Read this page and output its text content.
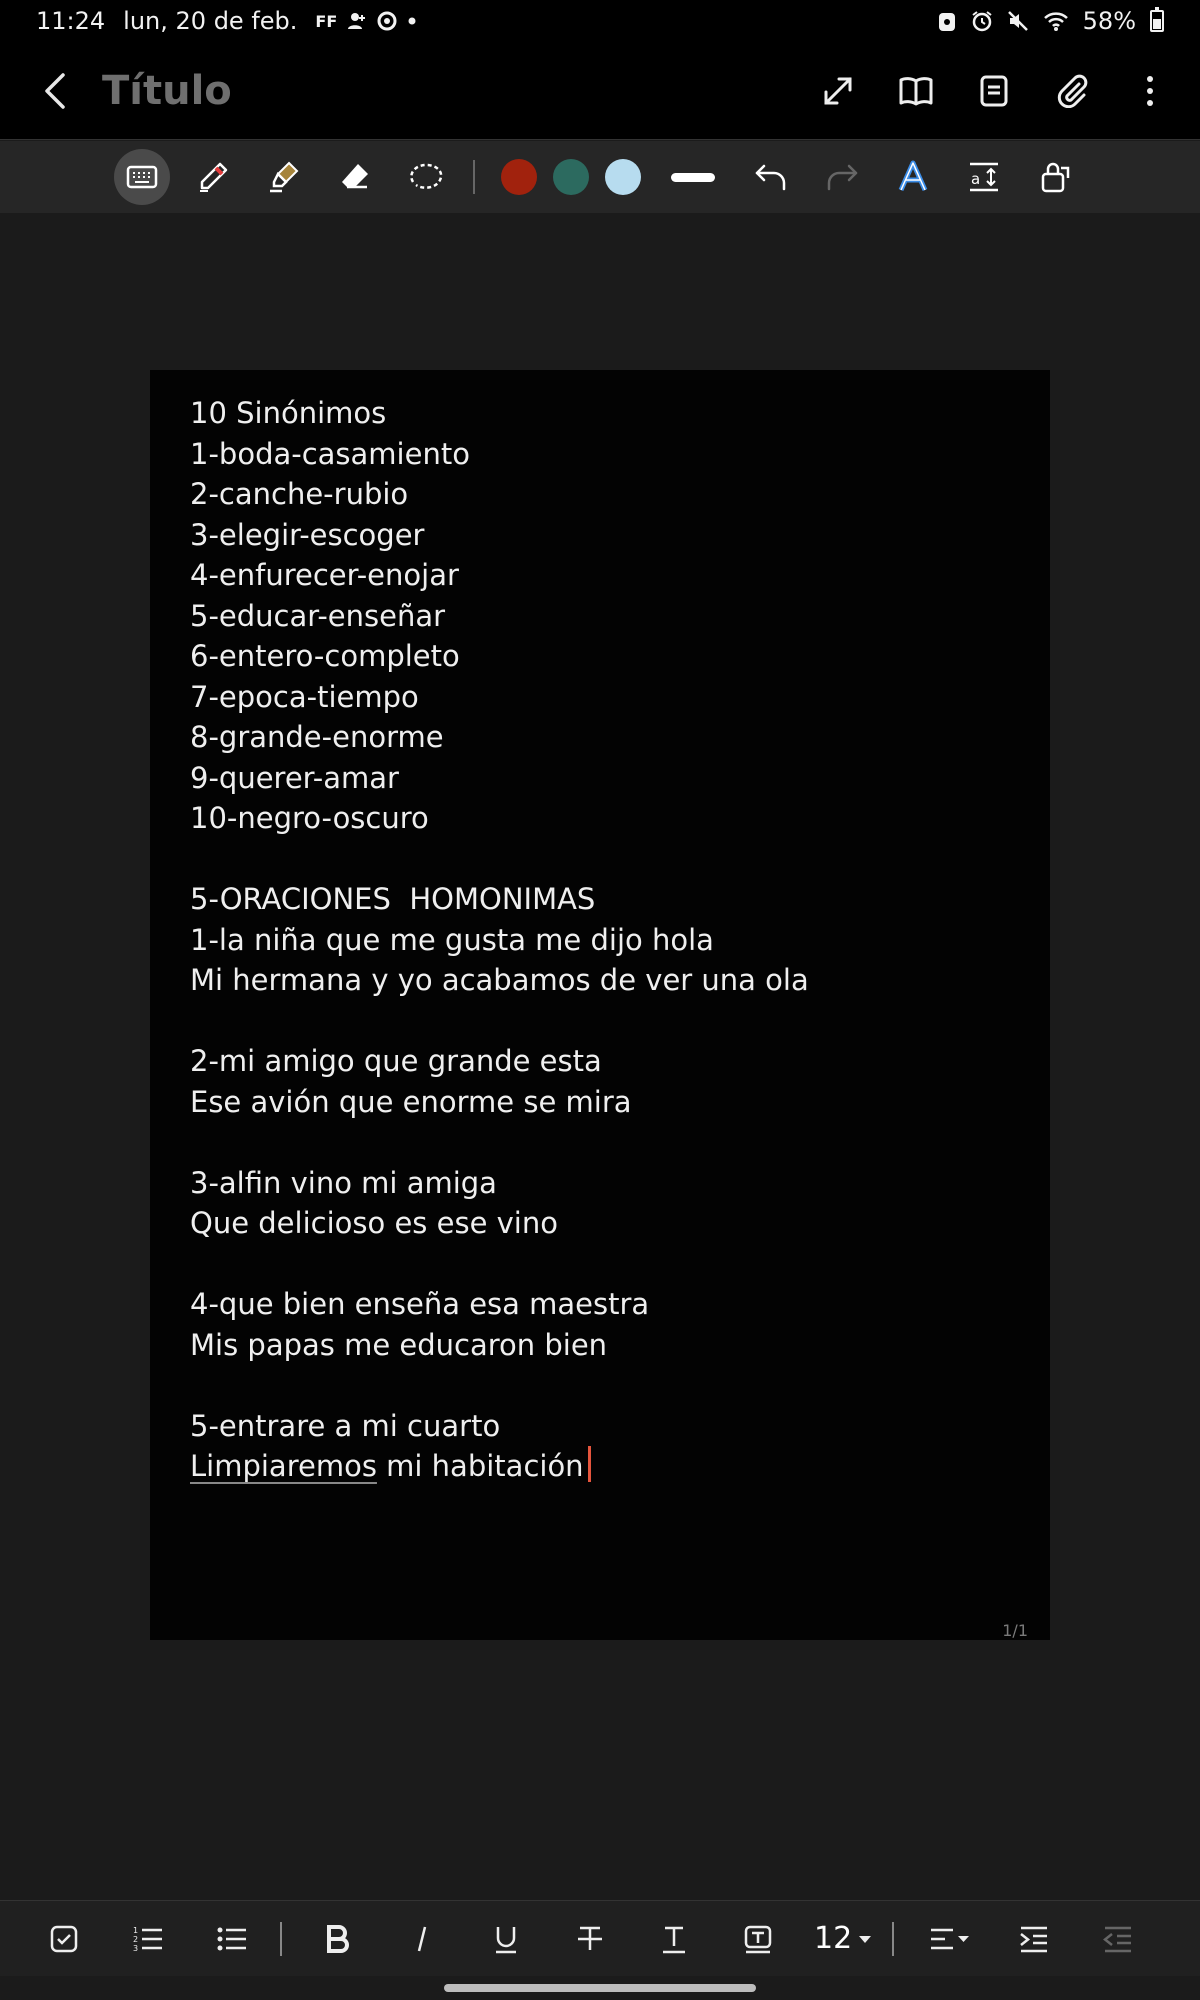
11:24 lun, 20 de feb. FF	58%
Título
a
10 Sinónimos
1-boda-casamiento
2-canche-rubio
3-elegir-escoger
4-enfurecer-enojar
5-educar-enseñar
6-entero-completo
7-epoca-tiempo
8-grande-enorme
9-querer-amar
10-negro-oscuro
5-ORACIONES  HOMONIMAS
1-la niña que me gusta me dijo hola
Mi hermana y yo acabamos de ver una ola
2-mi amigo que grande esta
Ese avión que enorme se mira
3-alfin vino mi amiga
Que delicioso es ese vino
4-que bien enseña esa maestra
Mis papas me educaron bien
5-entrare a mi cuarto
Limpiaremos mi habitación
1/1
1
2
3	12
